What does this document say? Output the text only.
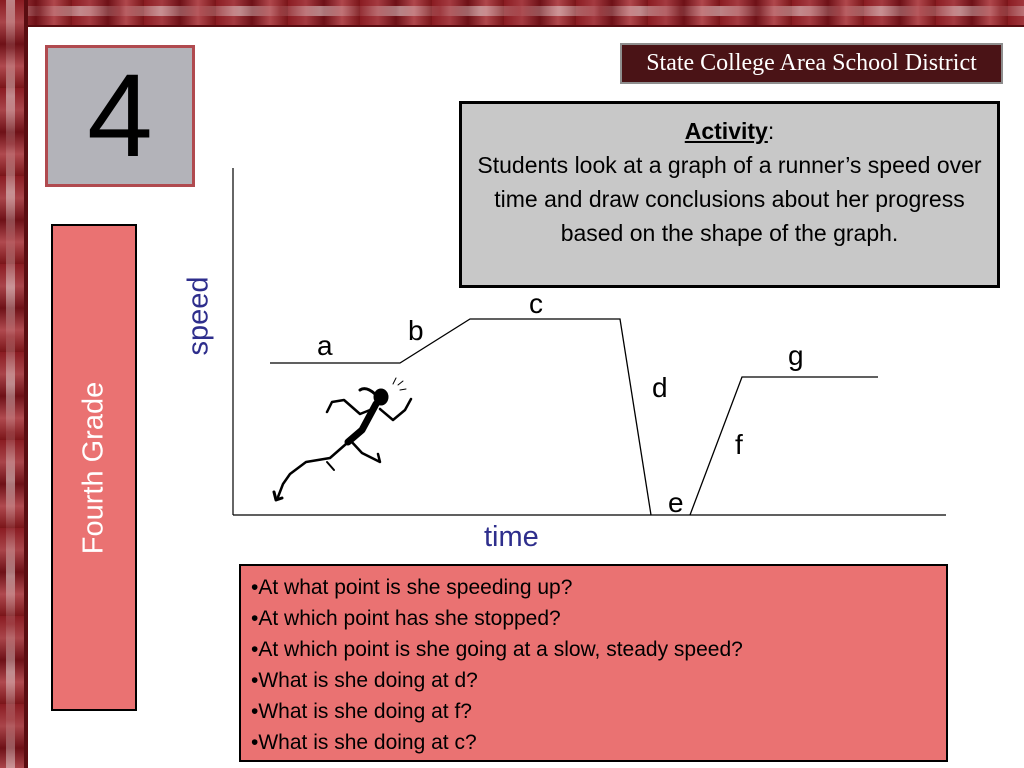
4	State College Area School District
Fourth Grade
Activity:
Students look at a graph of a runner’s speed over time and draw conclusions about her progress based on the shape of the graph.
speed
time
a	b
c
d
e
f
g
•At what point is she speeding up?
•At which point has she stopped?
•At which point is she going at a slow, steady speed?
•What is she doing at d?
•What is she doing at f?
•What is she doing at c?
